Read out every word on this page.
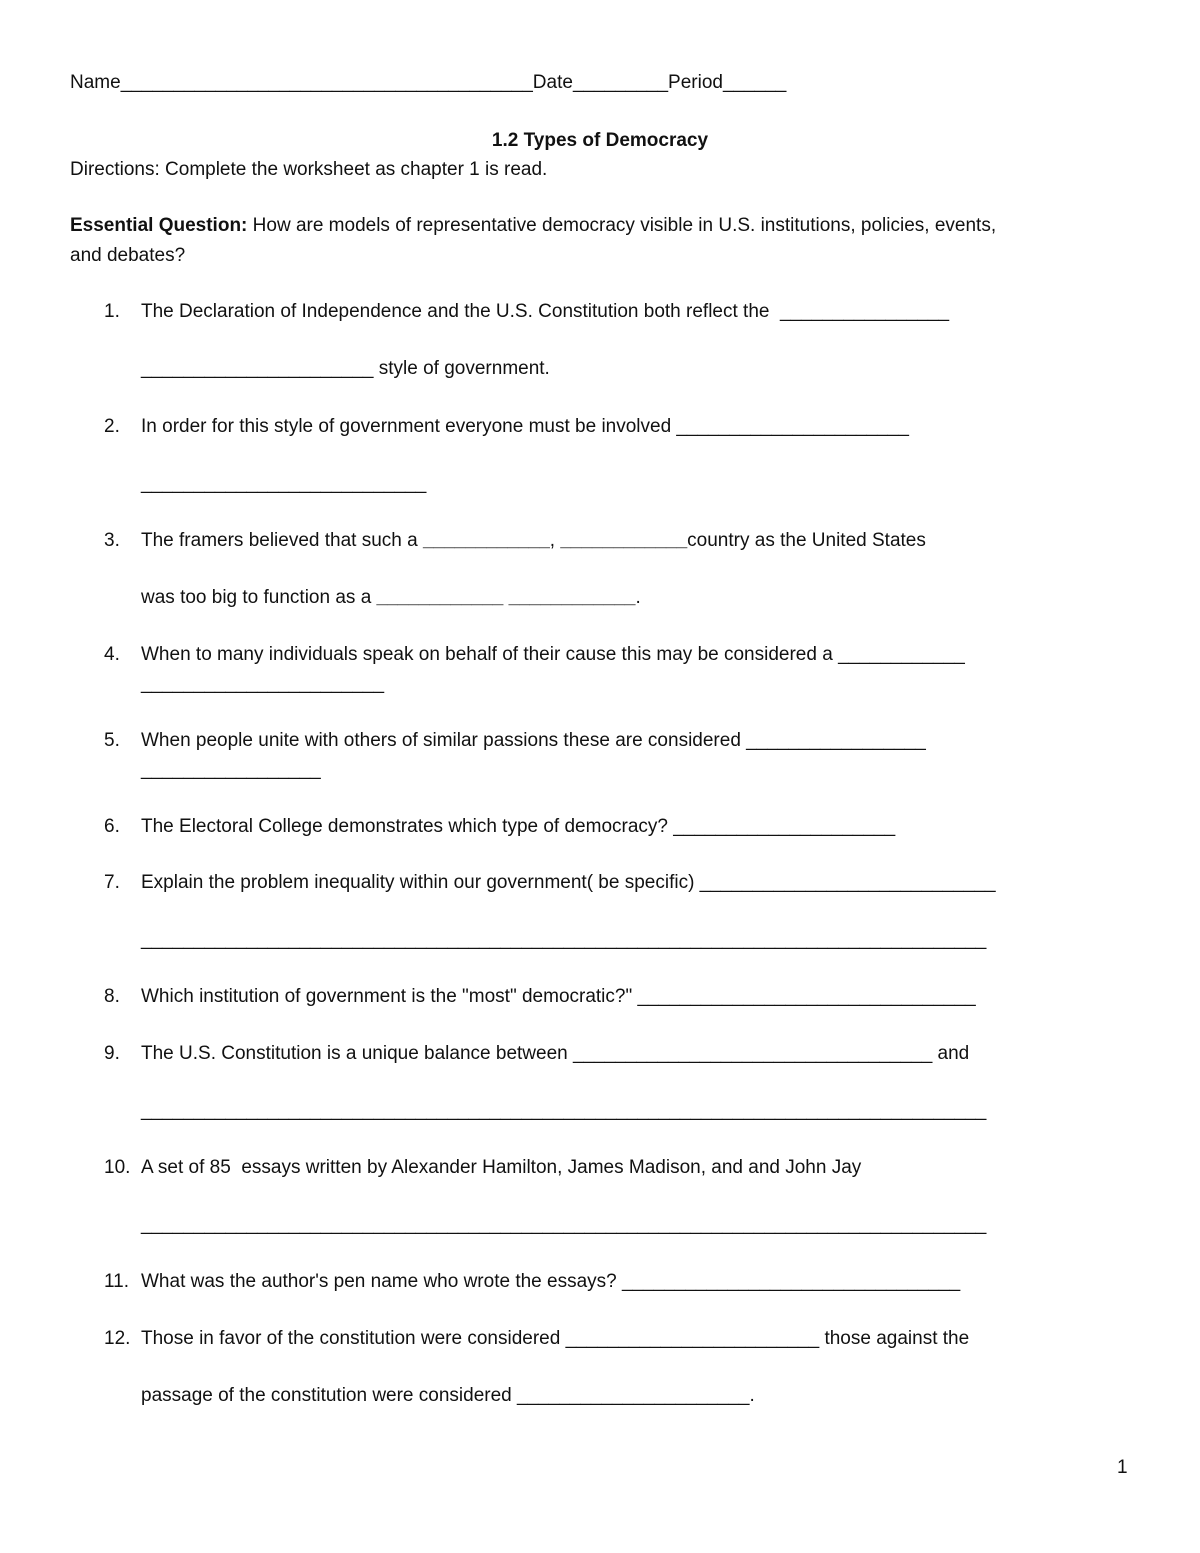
Name_______________________________________Date_________Period______
1.2 Types of Democracy
Directions: Complete the worksheet as chapter 1 is read.
Essential Question: How are models of representative democracy visible in U.S. institutions, policies, events,
and debates?
1. The Declaration of Independence and the U.S. Constitution both reflect the  ________________
______________________ style of government.
2. In order for this style of government everyone must be involved ______________________
___________________________
3. The framers believed that such a ____________, ____________country as the United States
was too big to function as a ____________ ____________.
4. When to many individuals speak on behalf of their cause this may be considered a ____________
_______________________
5. When people unite with others of similar passions these are considered _________________
_________________
6. The Electoral College demonstrates which type of democracy? _____________________
7. Explain the problem inequality within our government( be specific) ____________________________
________________________________________________________________________________
8. Which institution of government is the "most" democratic?" ________________________________
9. The U.S. Constitution is a unique balance between __________________________________ and
________________________________________________________________________________
10. A set of 85  essays written by Alexander Hamilton, James Madison, and and John Jay
________________________________________________________________________________
11. What was the author's pen name who wrote the essays? ________________________________
12. Those in favor of the constitution were considered ________________________ those against the
passage of the constitution were considered ______________________.
1
